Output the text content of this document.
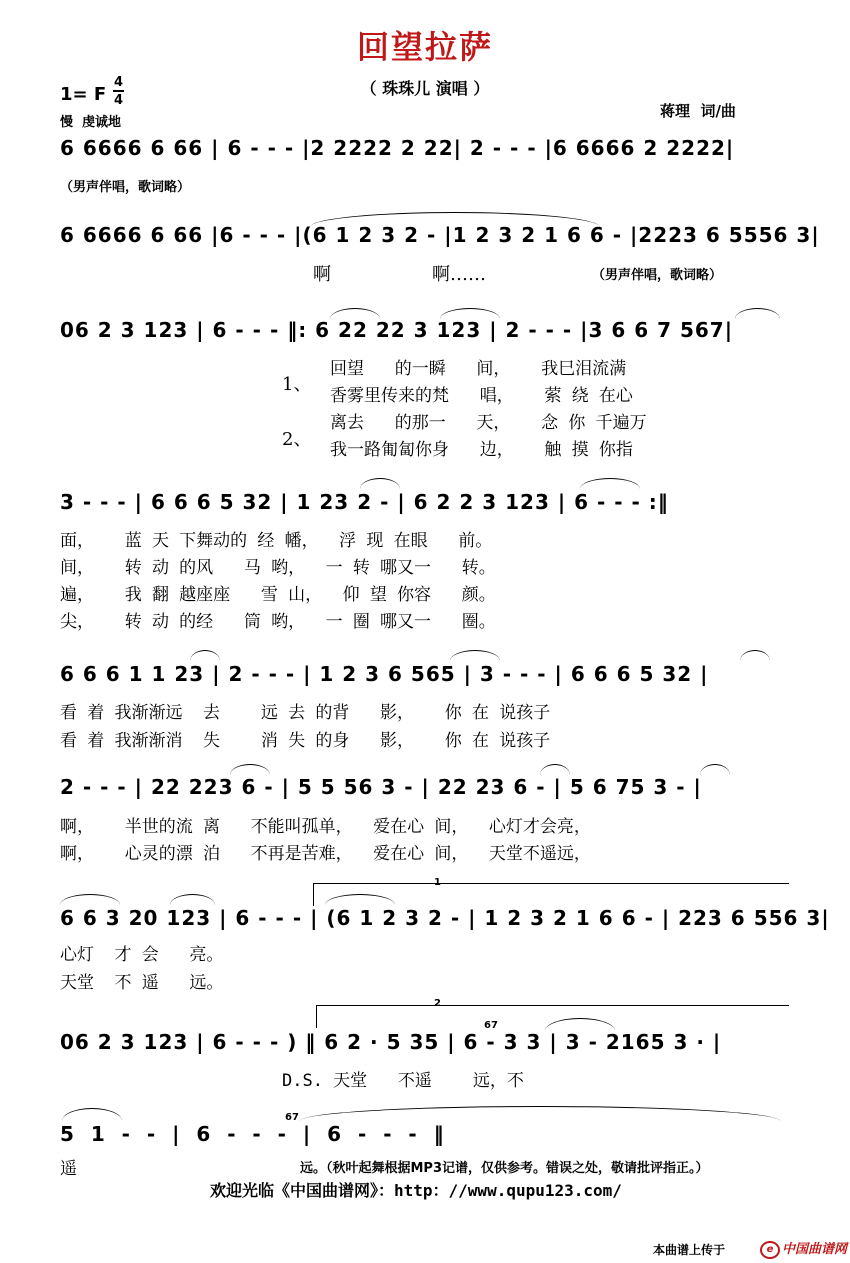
回望拉萨
（ 珠珠儿 演唱 ）
1= F
4
4
慢  虔诚地
蒋理  词/曲
6 6666 6 66 | 6 - - - |2 2222 2 22| 2 - - - |6 6666 2 2222|
（男声伴唱，歌词略）
6 6666 6 66 |6 - - - |(6 1 2 3 2 - |1 2 3 2 1 6 6 - |2223 6 5556 3|
啊	啊……	（男声伴唱，歌词略）
06 2 3 123 | 6 - - - ‖: 6 22 22 3 123 | 2 - - - |3 6 6 7 567|
1、
2、
回望   的一瞬   间，   我巳泪流满
香雾里传来的梵   唱，   萦 绕 在心
离去   的那一   天，   念 你 千遍万
我一路匍匐你身   边，   触 摸 你指
3 - - - | 6 6 6 5 32 | 1 23 2 - | 6 2 2 3 123 | 6 - - - :‖
面，   蓝 天 下舞动的 经 幡，  浮 现 在眼   前。
间，   转 动 的风   马 哟，  一 转 哪又一   转。
遍，   我 翻 越座座   雪 山，  仰 望 你容   颜。
尖，   转 动 的经   筒 哟，  一 圈 哪又一   圈。
6 6 6 1 1 23 | 2 - - - | 1 2 3 6 565 | 3 - - - | 6 6 6 5 32 |
看 着 我渐渐远  去    远 去 的背   影，   你 在 说孩子
看 着 我渐渐消  失    消 失 的身   影，   你 在 说孩子
2 - - - | 22 223 6 - | 5 5 56 3 - | 22 23 6 - | 5 6 75 3 - |
啊，   半世的流 离   不能叫孤单，  爱在心 间，  心灯才会亮，
啊，   心灵的漂 泊   不再是苦难，  爱在心 间，  天堂不遥远，
1
6 6 3 20 123 | 6 - - - | (6 1 2 3 2 - | 1 2 3 2 1 6 6 - | 223 6 556 3|
心灯  才 会   亮。
天堂  不 遥   远。
2
67
06 2 3 123 | 6 - - - ) ‖ 6 2 · 5 35 | 6 - 3 3 | 3 - 2165 3 · |
D.S. 天堂   不遥    远，不
67
5  1  -  -  |  6  -  -  -  |  6  -  -  -  ‖
遥	远。（秋叶起舞根据MP3记谱，仅供参考。错误之处，敬请批评指正。）
欢迎光临《中国曲谱网》：http：//www.qupu123.com/
本曲谱上传于	e 中国曲谱网
